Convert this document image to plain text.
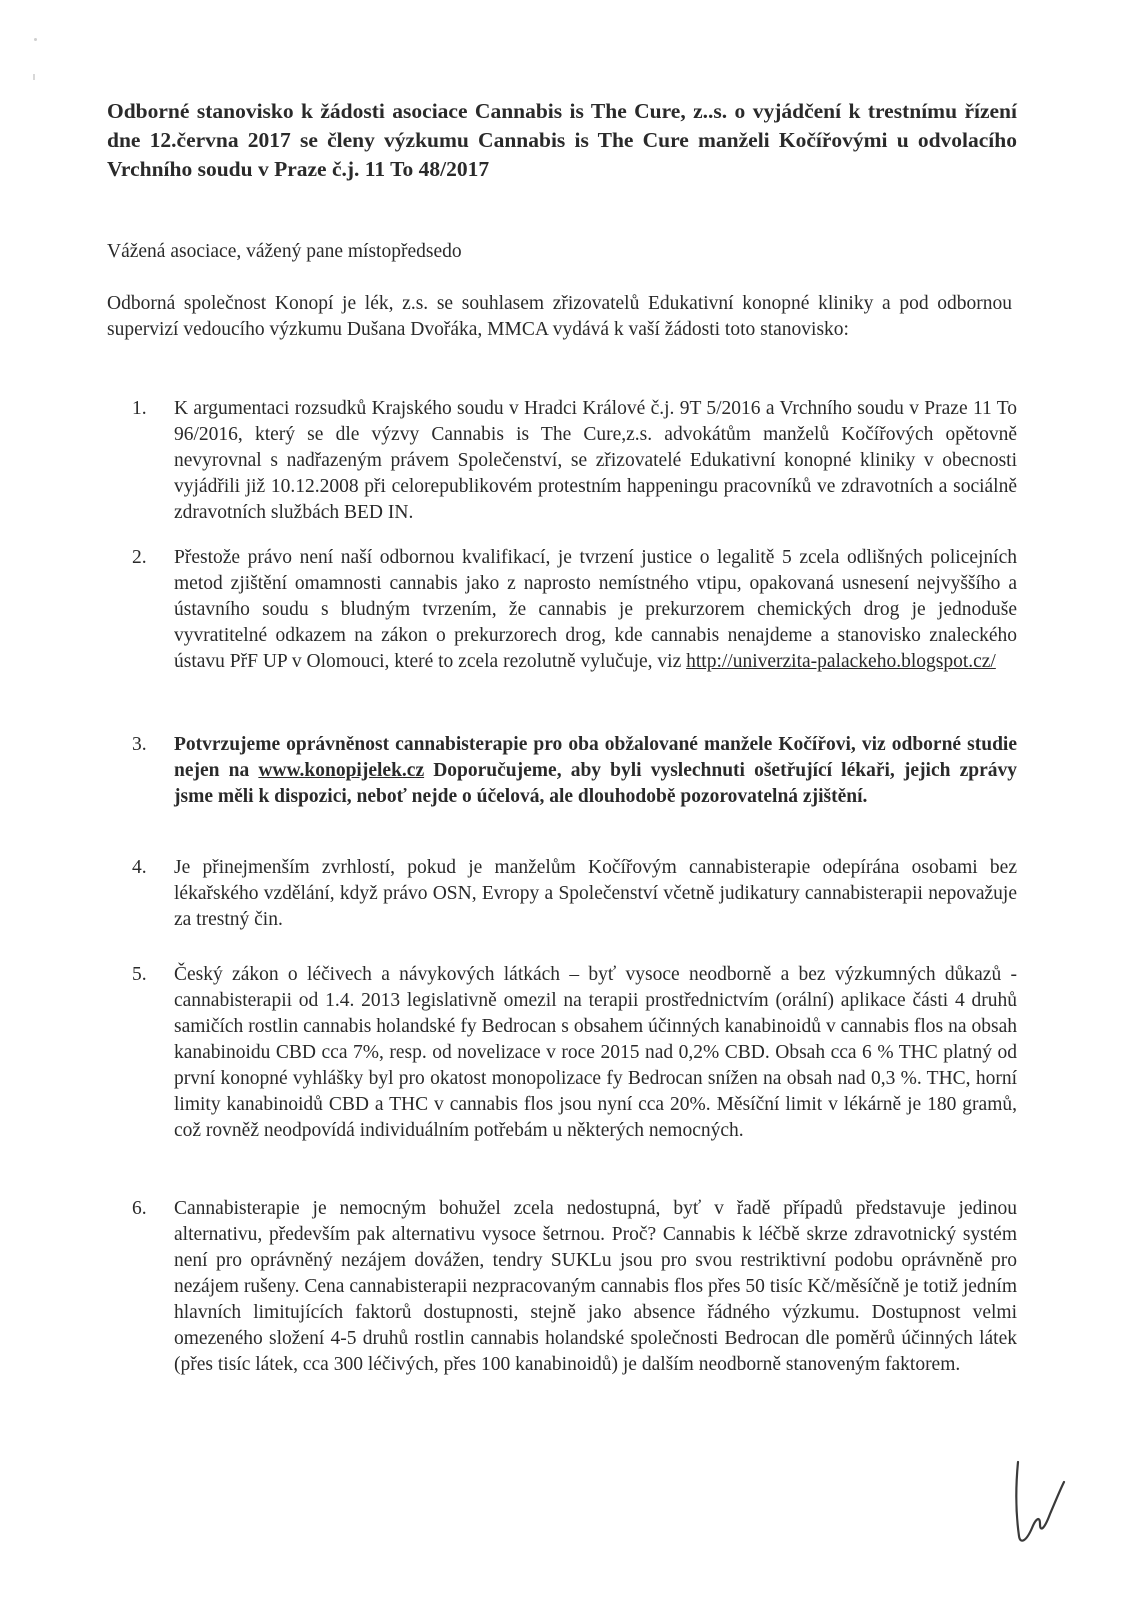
Odborné stanovisko k žádosti asociace Cannabis is The Cure, z..s. o vyjádčení k trestnímu řízení dne 12.června 2017 se členy výzkumu Cannabis is The Cure manželi Kočířovými u odvolacího Vrchního soudu v Praze č.j. 11 To 48/2017
Vážená asociace, vážený pane místopředsedo
Odborná společnost Konopí je lék, z.s. se souhlasem zřizovatelů Edukativní konopné kliniky a pod odbornou supervizí vedoucího výzkumu Dušana Dvořáka, MMCA vydává k vaší žádosti toto stanovisko:
1.	K argumentaci rozsudků Krajského soudu v Hradci Králové č.j. 9T 5/2016 a Vrchního soudu v Praze 11 To 96/2016, který se dle výzvy Cannabis is The Cure,z.s. advokátům manželů Kočířových opětovně nevyrovnal s nadřazeným právem Společenství, se zřizovatelé Edukativní konopné kliniky v obecnosti vyjádřili již 10.12.2008 při celorepublikovém protestním happeningu pracovníků ve zdravotních a sociálně zdravotních službách BED IN.
2.	Přestože právo není naší odbornou kvalifikací, je tvrzení justice o legalitě 5 zcela odlišných policejních metod zjištění omamnosti cannabis jako z naprosto nemístného vtipu, opakovaná usnesení nejvyššího a ústavního soudu s bludným tvrzením, že cannabis je prekurzorem chemických drog je jednoduše vyvratitelné odkazem na zákon o prekurzorech drog, kde cannabis nenajdeme a stanovisko znaleckého ústavu PřF UP v Olomouci, které to zcela rezolutně vylučuje, viz http://univerzita-palackeho.blogspot.cz/
3.	Potvrzujeme oprávněnost cannabisterapie pro oba obžalované manžele Kočířovi, viz odborné studie nejen na www.konopijelek.cz Doporučujeme, aby byli vyslechnuti ošetřující lékaři, jejich zprávy jsme měli k dispozici, neboť nejde o účelová, ale dlouhodobě pozorovatelná zjištění.
4.	Je přinejmenším zvrhlostí, pokud je manželům Kočířovým cannabisterapie odepírána osobami bez lékařského vzdělání, když právo OSN, Evropy a Společenství včetně judikatury cannabisterapii nepovažuje za trestný čin.
5.	Český zákon o léčivech a návykových látkách – byť vysoce neodborně a bez výzkumných důkazů - cannabisterapii od 1.4. 2013 legislativně omezil na terapii prostřednictvím (orální) aplikace části 4 druhů samičích rostlin cannabis holandské fy Bedrocan s obsahem účinných kanabinoidů v cannabis flos na obsah kanabinoidu CBD cca 7%, resp. od novelizace v roce 2015 nad 0,2% CBD. Obsah cca 6 % THC platný od první konopné vyhlášky byl pro okatost monopolizace fy Bedrocan snížen na obsah nad 0,3 %. THC, horní limity kanabinoidů CBD a THC v cannabis flos jsou nyní cca 20%. Měsíční limit v lékárně je 180 gramů, což rovněž neodpovídá individuálním potřebám u některých nemocných.
6.	Cannabisterapie je nemocným bohužel zcela nedostupná, byť v řadě případů představuje jedinou alternativu, především pak alternativu vysoce šetrnou. Proč? Cannabis k léčbě skrze zdravotnický systém není pro oprávněný nezájem dovážen, tendry SUKLu jsou pro svou restriktivní podobu oprávněně pro nezájem rušeny. Cena cannabisterapii nezpracovaným cannabis flos přes 50 tisíc Kč/měsíčně je totiž jedním hlavních limitujících faktorů dostupnosti, stejně jako absence řádného výzkumu. Dostupnost velmi omezeného složení 4-5 druhů rostlin cannabis holandské společnosti Bedrocan dle poměrů účinných látek (přes tisíc látek, cca 300 léčivých, přes 100 kanabinoidů) je dalším neodborně stanoveným faktorem.
